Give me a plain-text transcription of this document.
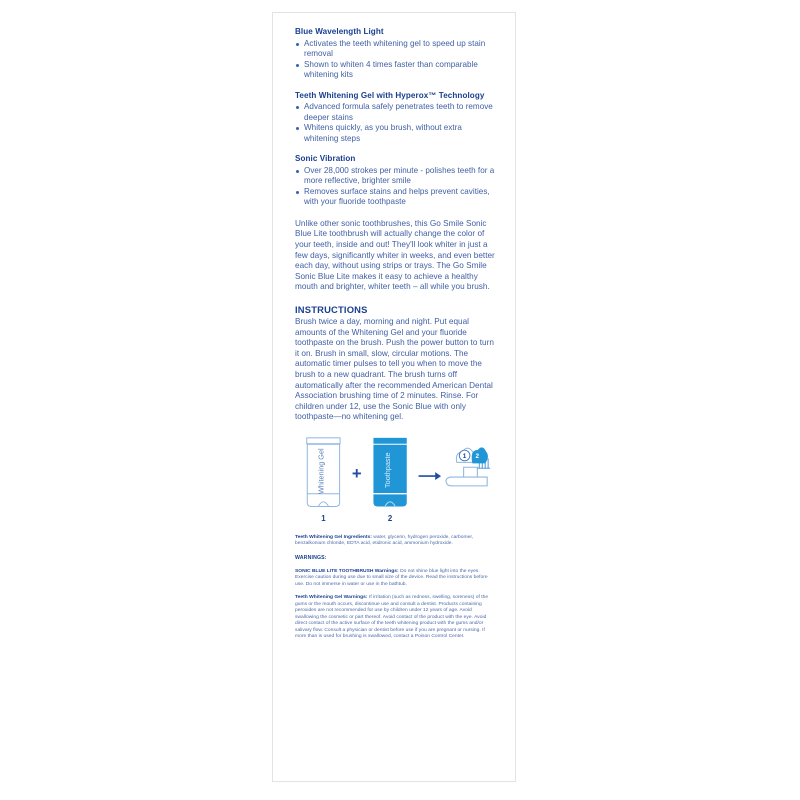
Blue Wavelength Light
Activates the teeth whitening gel to speed up stain removal
Shown to whiten 4 times faster than comparable whitening kits
Teeth Whitening Gel with Hyperox™ Technology
Advanced formula safely penetrates teeth to remove deeper stains
Whitens quickly, as you brush, without extra whitening steps
Sonic Vibration
Over 28,000 strokes per minute - polishes teeth for a more reflective, brighter smile
Removes surface stains and helps prevent cavities, with your fluoride toothpaste

Unlike other sonic toothbrushes, this Go Smile Sonic Blue Lite toothbrush will actually change the color of your teeth, inside and out! They'll look whiter in just a few days, significantly whiter in weeks, and even better each day, without using strips or trays. The Go Smile Sonic Blue Lite makes it easy to achieve a healthy mouth and brighter, whiter teeth – all while you brush.

INSTRUCTIONS

Brush twice a day, morning and night. Put equal amounts of the Whitening Gel and your fluoride toothpaste on the brush. Push the power button to turn it on. Brush in small, slow, circular motions. The automatic timer pulses to tell you when to move the brush to a new quadrant. The brush turns off automatically after the recommended American Dental Association brushing time of 2 minutes. Rinse. For children under 12, use the Sonic Blue with only toothpaste—no whitening gel.

Whitening Gel
1
+	Toothpaste
2
1 2

Teeth Whitening Gel Ingredients: water, glycerin, hydrogen peroxide, carbomer, benzalkonium chloride, EDTA acid, etidronic acid, ammonium hydroxide.

WARNINGS:

SONIC BLUE LITE TOOTHBRUSH Warnings: Do not shine blue light into the eyes. Exercise caution during use due to small size of the device. Read the instructions before use. Do not immerse in water or use in the bathtub.

Teeth Whitening Gel Warnings: If irritation (such as redness, swelling, soreness) of the gums or the mouth occurs, discontinue use and consult a dentist. Products containing peroxides are not recommended for use by children under 12 years of age. Avoid swallowing the cosmetic or part thereof. Avoid contact of the product with the eye. Avoid direct contact of the active surface of the teeth whitening product with the gums and/or salivary flow. Consult a physician or dentist before use if you are pregnant or nursing. If more than is used for brushing is swallowed, contact a Poison Control Center.
